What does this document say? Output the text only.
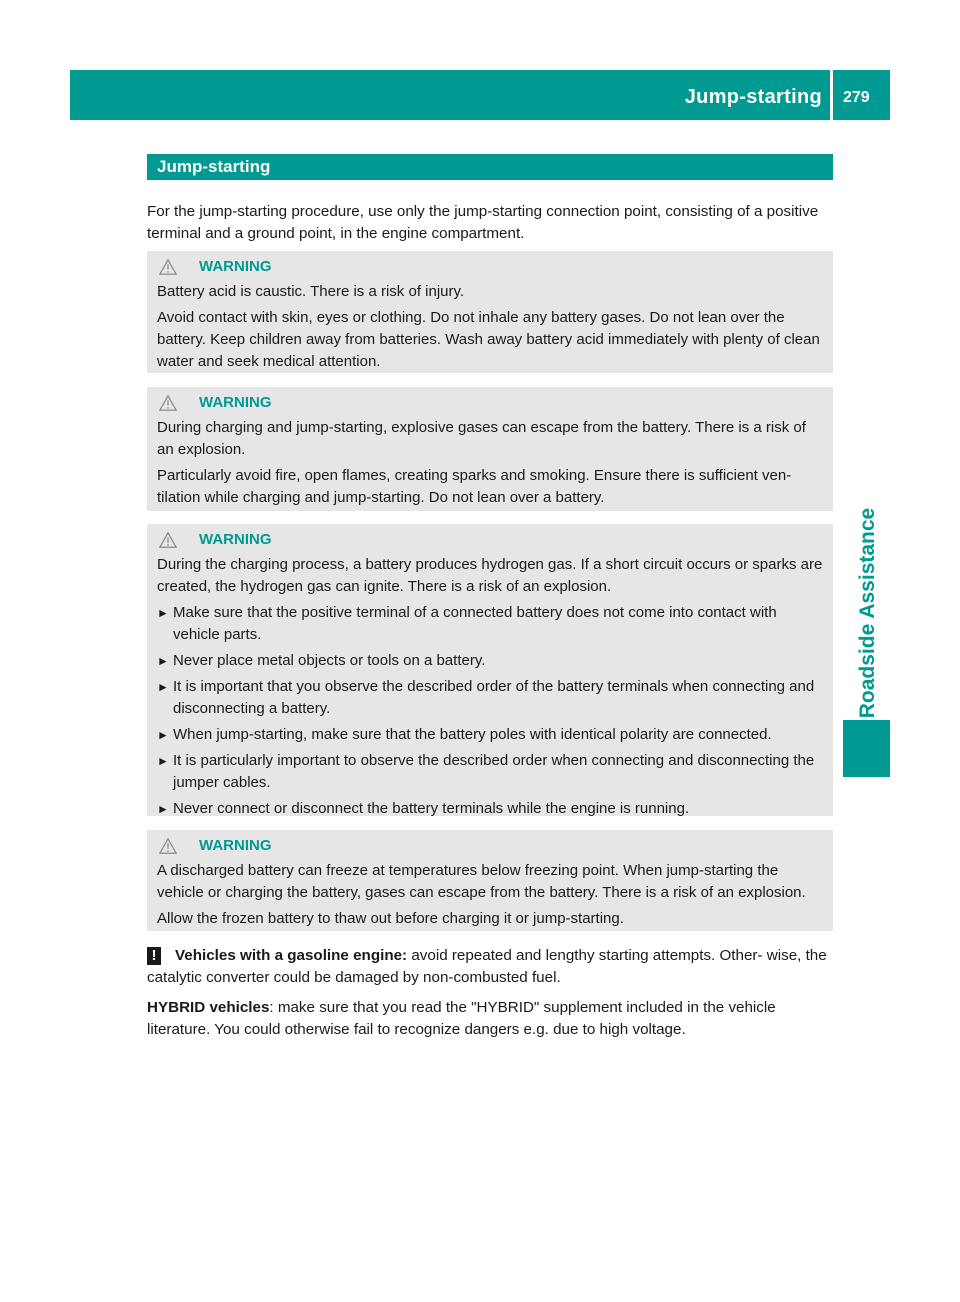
Jump-starting 279
Roadside Assistance
Jump-starting

For the jump-starting procedure, use only the jump-starting connection point, consisting of a positive terminal and a ground point, in the engine compartment.

WARNING

Battery acid is caustic. There is a risk of injury.

Avoid contact with skin, eyes or clothing. Do not inhale any battery gases. Do not lean over the battery. Keep children away from batteries. Wash away battery acid immediately with plenty of clean water and seek medical attention.

WARNING

During charging and jump-starting, explosive gases can escape from the battery. There is a risk of an explosion.

Particularly avoid fire, open flames, creating sparks and smoking. Ensure there is sufficient ven- tilation while charging and jump-starting. Do not lean over a battery.

WARNING

During the charging process, a battery produces hydrogen gas. If a short circuit occurs or sparks are created, the hydrogen gas can ignite. There is a risk of an explosion.

► Make sure that the positive terminal of a connected battery does not come into contact with vehicle parts.
► Never place metal objects or tools on a battery.
► It is important that you observe the described order of the battery terminals when connecting and disconnecting a battery.
► When jump-starting, make sure that the battery poles with identical polarity are connected.
► It is particularly important to observe the described order when connecting and disconnecting the jumper cables.
► Never connect or disconnect the battery terminals while the engine is running.
WARNING

A discharged battery can freeze at temperatures below freezing point. When jump-starting the vehicle or charging the battery, gases can escape from the battery. There is a risk of an explosion.

Allow the frozen battery to thaw out before charging it or jump-starting.

!	Vehicles with a gasoline engine: avoid repeated and lengthy starting attempts. Other- wise, the catalytic converter could be damaged by non-combusted fuel.

HYBRID vehicles: make sure that you read the "HYBRID" supplement included in the vehicle literature. You could otherwise fail to recognize dangers e.g. due to high voltage.
